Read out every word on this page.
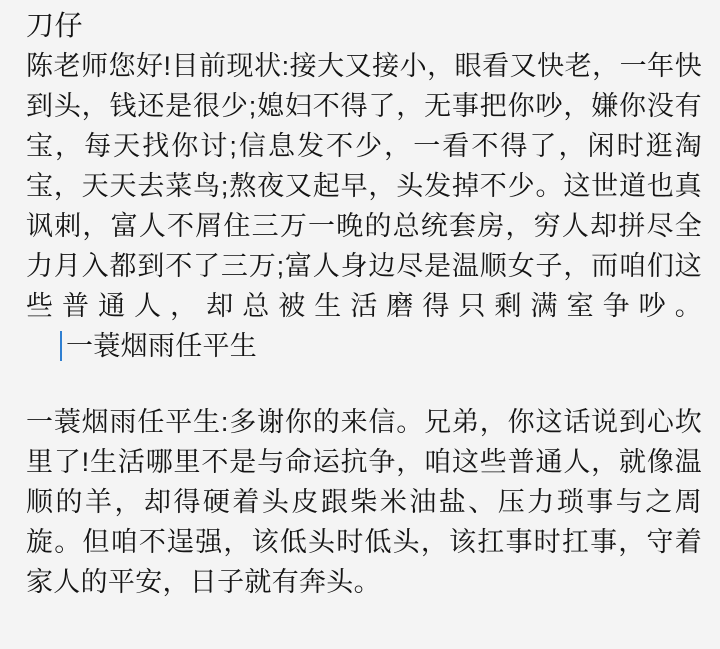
刀仔

陈老师您好!目前现状:接大又接小，眼看又快老，一年快到头，钱还是很少;媳妇不得了，无事把你吵，嫌你没有宝，每天找你讨;信息发不少，一看不得了，闲时逛淘宝，天天去菜鸟;熬夜又起早，头发掉不少。这世道也真讽刺，富人不屑住三万一晚的总统套房，穷人却拼尽全力月入都到不了三万;富人身边尽是温顺女子，而咱们这些普通人，却总被生活磨得只剩满室争吵。一蓑烟雨任平生

一蓑烟雨任平生:多谢你的来信。兄弟，你这话说到心坎里了!生活哪里不是与命运抗争，咱这些普通人，就像温顺的羊，却得硬着头皮跟柴米油盐、压力琐事与之周旋。但咱不逞强，该低头时低头，该扛事时扛事，守着家人的平安，日子就有奔头。
